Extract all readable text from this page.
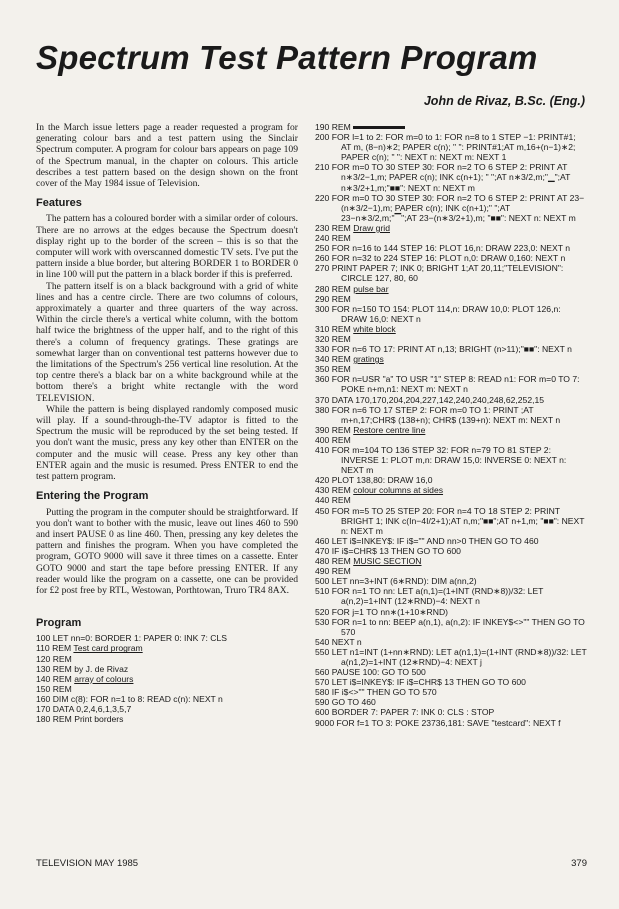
Spectrum Test Pattern Program
John de Rivaz, B.Sc. (Eng.)

In the March issue letters page a reader requested a program for generating colour bars and a test pattern using the Sinclair Spectrum computer. A program for colour bars appears on page 109 of the Spectrum manual, in the chapter on colours. This article describes a test pattern based on the design shown on the front cover of the May 1984 issue of Television.

Features

The pattern has a coloured border with a similar order of colours. There are no arrows at the edges because the Spectrum doesn't display right up to the border of the screen – this is so that the computer will work with overscanned domestic TV sets. I've put the pattern inside a blue border, but altering BORDER 1 to BORDER 0 in line 100 will put the pattern in a black border if this is preferred.

The pattern itself is on a black background with a grid of white lines and has a centre circle. There are two columns of colours, approximately a quarter and three quarters of the way across. Within the circle there's a vertical white column, with the bottom half twice the brightness of the upper half, and to the right of this there's a column of frequency gratings. These gratings are somewhat larger than on conventional test patterns however due to the limitations of the Spectrum's 256 vertical line resolution. At the top centre there's a black bar on a white background while at the bottom there's a bright white rectangle with the word TELEVISION.

While the pattern is being displayed randomly composed music will play. If a sound-through-the-TV adaptor is fitted to the Spectrum the music will be reproduced by the set being tested. If you don't want the music, press any key other than ENTER on the computer and the music will cease. Press any key other than ENTER again and the music is resumed. Press ENTER to end the test pattern program.

Entering the Program

Putting the program in the computer should be straightforward. If you don't want to bother with the music, leave out lines 460 to 590 and insert PAUSE 0 as line 460. Then, pressing any key deletes the pattern and finishes the program. When you have completed the program, GOTO 9000 will save it three times on a cassette. Enter GOTO 9000 and start the tape before pressing ENTER. If any reader would like the program on a cassette, one can be provided for £2 post free by RTL, Westowan, Porthtowan, Truro TR4 8AX.

Program
100 LET nn=0: BORDER 1: PAPER 0: INK 7: CLS
110 REM Test card program
120 REM
130 REM by J. de Rivaz
140 REM array of colours
150 REM
160 DIM c(8): FOR n=1 to 8: READ c(n): NEXT n
170 DATA 0,2,4,6,1,3,5,7
180 REM Print borders
190 REM
200 FOR l=1 to 2: FOR m=0 to 1: FOR n=8 to 1 STEP −1: PRINT#1; AT m, (8−n)∗2; PAPER c(n); " ": PRINT#1;AT m,16+(n−1)∗2; PAPER c(n); " ": NEXT n: NEXT m: NEXT 1
210 FOR m=0 TO 30 STEP 30: FOR n=2 TO 6 STEP 2: PRINT AT n∗3/2−1,m; PAPER c(n); INK c(n+1); " ";AT n∗3/2,m;"▁";AT n∗3/2+1,m;"■■": NEXT n: NEXT m
220 FOR m=0 TO 30 STEP 30: FOR n=2 TO 6 STEP 2: PRINT AT 23−(n∗3/2−1),m; PAPER c(n); INK c(n+1);" ";AT 23−n∗3/2,m;"▔";AT 23−(n∗3/2+1),m; "■■": NEXT n: NEXT m
230 REM Draw grid
240 REM
250 FOR n=16 to 144 STEP 16: PLOT 16,n: DRAW 223,0: NEXT n
260 FOR n=32 to 224 STEP 16: PLOT n,0: DRAW 0,160: NEXT n
270 PRINT PAPER 7; INK 0; BRIGHT 1;AT 20,11;"TELEVISION": CIRCLE 127, 80, 60
280 REM pulse bar
290 REM
300 FOR n=150 TO 154: PLOT 114,n: DRAW 10,0: PLOT 126,n: DRAW 16,0: NEXT n
310 REM white block
320 REM
330 FOR n=6 TO 17: PRINT AT n,13; BRIGHT (n>11);"■■": NEXT n
340 REM gratings
350 REM
360 FOR n=USR "a" TO USR "1" STEP 8: READ n1: FOR m=0 TO 7: POKE n+m,n1: NEXT m: NEXT n
370 DATA 170,170,204,204,227,142,240,240,248,62,252,15
380 FOR n=6 TO 17 STEP 2: FOR m=0 TO 1: PRINT ;AT m+n,17;CHR$ (138+n); CHR$ (139+n): NEXT m: NEXT n
390 REM Restore centre line
400 REM
410 FOR m=104 TO 136 STEP 32: FOR n=79 TO 81 STEP 2: INVERSE 1: PLOT m,n: DRAW 15,0: INVERSE 0: NEXT n: NEXT m
420 PLOT 138,80: DRAW 16,0
430 REM colour columns at sides
440 REM
450 FOR m=5 TO 25 STEP 20: FOR n=4 TO 18 STEP 2: PRINT BRIGHT 1; INK c(In−4I/2+1);AT n,m;"■■";AT n+1,m; "■■": NEXT n: NEXT m
460 LET i$=INKEY$: IF i$="" AND nn>0 THEN GO TO 460
470 IF i$=CHR$ 13 THEN GO TO 600
480 REM MUSIC SECTION
490 REM
500 LET nn=3+INT (6∗RND): DIM a(nn,2)
510 FOR n=1 TO nn: LET a(n,1)=(1+INT (RND∗8))/32: LET a(n,2)=1+INT (12∗RND)−4: NEXT n
520 FOR j=1 TO nn∗(1+10∗RND)
530 FOR n=1 to nn: BEEP a(n,1), a(n,2): IF INKEY$<>"" THEN GO TO 570
540 NEXT n
550 LET n1=INT (1+nn∗RND): LET a(n1,1)=(1+INT (RND∗8))/32: LET a(n1,2)=1+INT (12∗RND)−4: NEXT j
560 PAUSE 100: GO TO 500
570 LET i$=INKEY$: IF i$=CHR$ 13 THEN GO TO 600
580 IF i$<>"" THEN GO TO 570
590 GO TO 460
600 BORDER 7: PAPER 7: INK 0: CLS : STOP
9000 FOR f=1 TO 3: POKE 23736,181: SAVE "testcard": NEXT f
TELEVISION MAY 1985	379
